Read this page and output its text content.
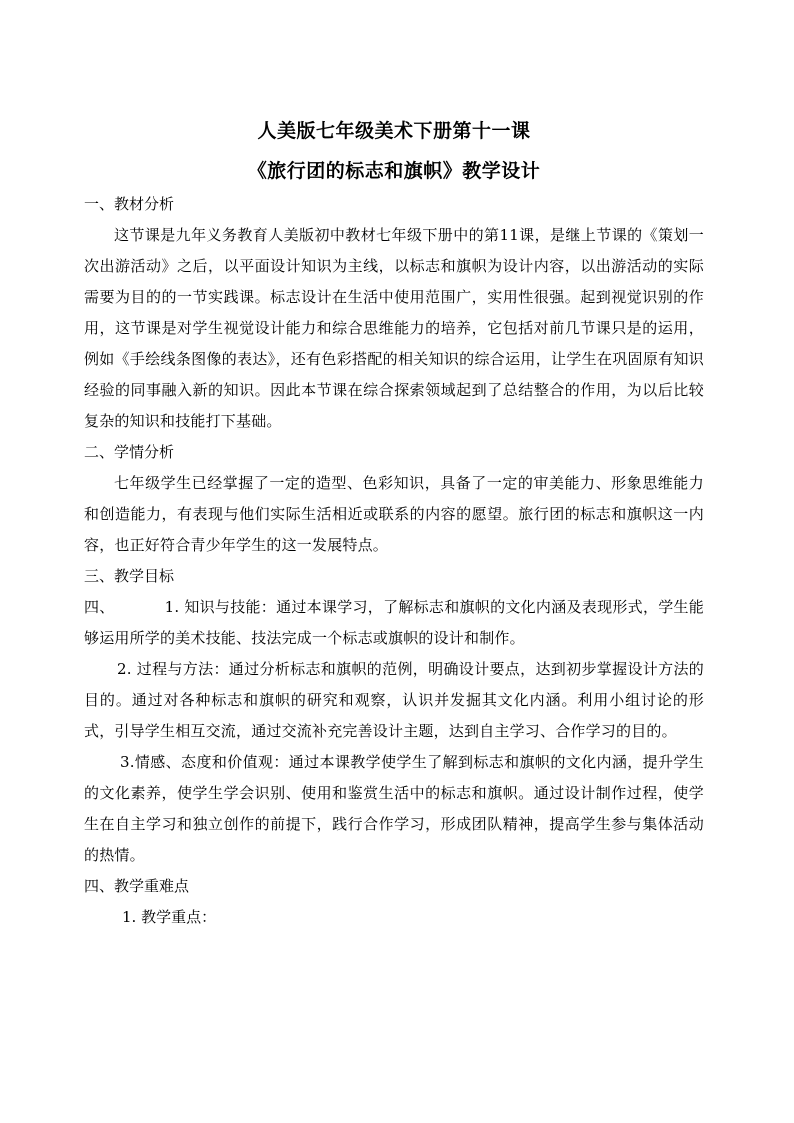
人美版七年级美术下册第十一课
《旅行团的标志和旗帜》教学设计

一、教材分析

这节课是九年义务教育人美版初中教材七年级下册中的第11课，是继上节课的《策划一次出游活动》之后，以平面设计知识为主线，以标志和旗帜为设计内容，以出游活动的实际需要为目的的一节实践课。标志设计在生活中使用范围广，实用性很强。起到视觉识别的作用，这节课是对学生视觉设计能力和综合思维能力的培养，它包括对前几节课只是的运用，例如《手绘线条图像的表达》，还有色彩搭配的相关知识的综合运用，让学生在巩固原有知识经验的同事融入新的知识。因此本节课在综合探索领域起到了总结整合的作用，为以后比较复杂的知识和技能打下基础。

二、学情分析

七年级学生已经掌握了一定的造型、色彩知识，具备了一定的审美能力、形象思维能力和创造能力，有表现与他们实际生活相近或联系的内容的愿望。旅行团的标志和旗帜这一内容，也正好符合青少年学生的这一发展特点。

三、教学目标

四、	1. 知识与技能：通过本课学习，了解标志和旗帜的文化内涵及表现形式，学生能够运用所学的美术技能、技法完成一个标志或旗帜的设计和制作。

2. 过程与方法：通过分析标志和旗帜的范例，明确设计要点，达到初步掌握设计方法的目的。通过对各种标志和旗帜的研究和观察，认识并发掘其文化内涵。利用小组讨论的形式，引导学生相互交流，通过交流补充完善设计主题，达到自主学习、合作学习的目的。

3.情感、态度和价值观：通过本课教学使学生了解到标志和旗帜的文化内涵，提升学生的文化素养，使学生学会识别、使用和鉴赏生活中的标志和旗帜。通过设计制作过程，使学生在自主学习和独立创作的前提下，践行合作学习，形成团队精神，提高学生参与集体活动的热情。

四、教学重难点

1. 教学重点：
